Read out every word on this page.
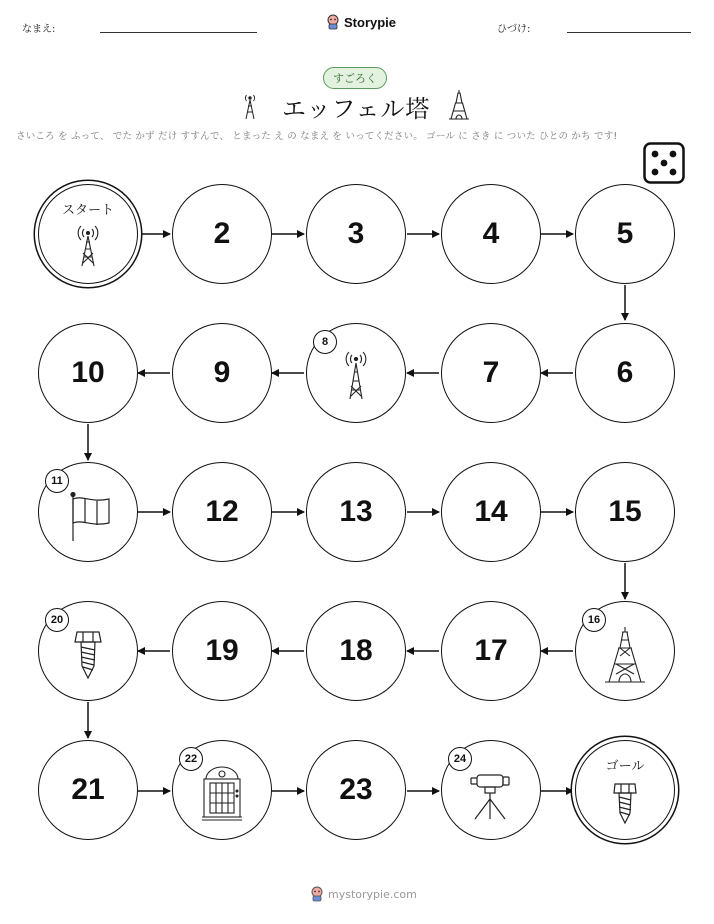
なまえ:	Storypie	ひづけ:
すごろく
エッフェル塔
さいころ を ふって、 でた かず だけ すすんで、 とまった え の なまえ を いってください。 ゴール に さき に ついた ひとの かち です!
スタート
2	3	4	5
10	9
8
7	6
11
12	13	14	15
20
19	18	17
16
21
22
23
24	ゴール
mystorypie.com
